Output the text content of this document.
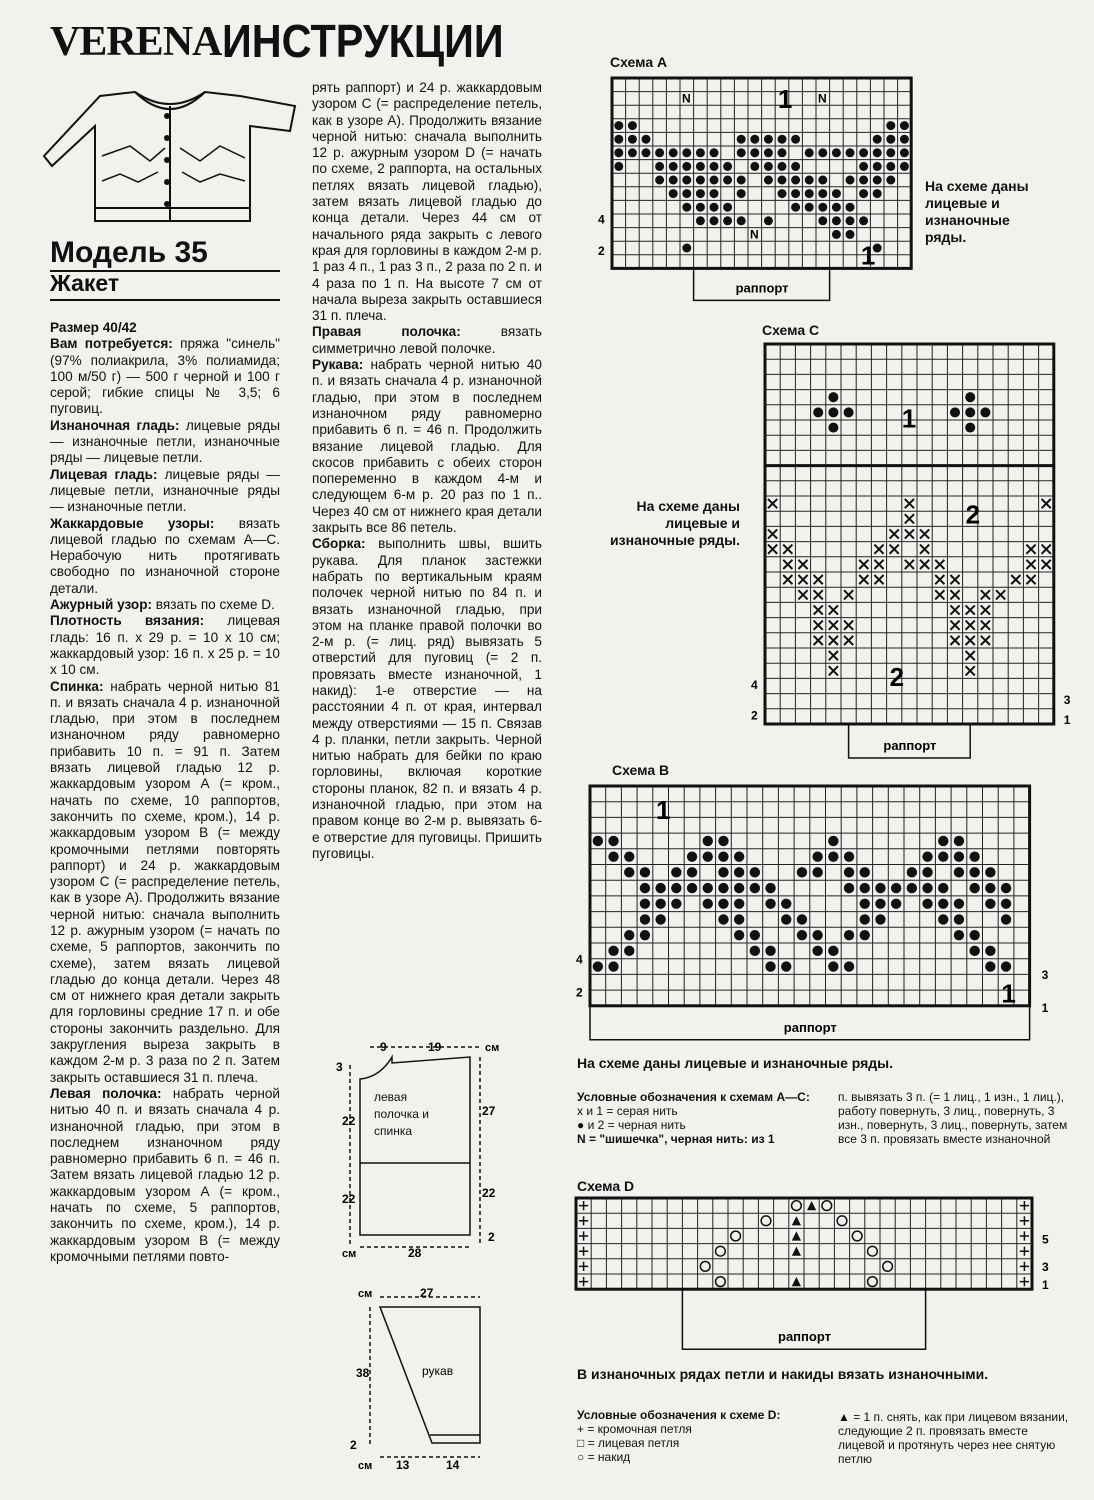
VERENA ИНСТРУКЦИИ
Модель 35
Жакет

Размер 40/42

Вам потребуется: пряжа "синель" (97% полиакрила, 3% полиамида; 100 м/50 г) — 500 г черной и 100 г серой; гибкие спицы № 3,5; 6 пуговиц.

Изнаночная гладь: лицевые ряды — изнаночные петли, изнаночные ряды — лицевые петли.

Лицевая гладь: лицевые ряды — лицевые петли, изнаночные ряды — изнаночные петли.

Жаккардовые узоры: вязать лицевой гладью по схемам А—С. Нерабочую нить протягивать свободно по изнаночной стороне детали.

Ажурный узор: вязать по схеме D.

Плотность вязания: лицевая гладь: 16 п. х 29 р. = 10 х 10 см; жаккардовый узор: 16 п. х 25 р. = 10 х 10 см.

Спинка: набрать черной нитью 81 п. и вязать сначала 4 р. изнаночной гладью, при этом в последнем изнаночном ряду равномерно прибавить 10 п. = 91 п. Затем вязать лицевой гладью 12 р. жаккардовым узором А (= кром., начать по схеме, 10 раппортов, закончить по схеме, кром.), 14 р. жаккардовым узором В (= между кромочными петлями повторять раппорт) и 24 р. жаккардовым узором С (= распределение петель, как в узоре А). Продолжить вязание черной нитью: сначала выполнить 12 р. ажурным узором (= начать по схеме, 5 раппортов, закончить по схеме), затем вязать лицевой гладью до конца детали. Через 48 см от нижнего края детали закрыть для горловины средние 17 п. и обе стороны закончить раздельно. Для закругления выреза закрыть в каждом 2-м р. 3 раза по 2 п. Затем закрыть оставшиеся 31 п. плеча.

Левая полочка: набрать черной нитью 40 п. и вязать сначала 4 р. изнаночной гладью, при этом в последнем изнаночном ряду равномерно прибавить 6 п. = 46 п. Затем вязать лицевой гладью 12 р. жаккардовым узором А (= кром., начать по схеме, 5 раппортов, закончить по схеме, кром.), 14 р. жаккардовым узором В (= между кромочными петлями повто-

рять раппорт) и 24 р. жаккардовым узором С (= распределение петель, как в узоре А). Продолжить вязание черной нитью: сначала выполнить 12 р. ажурным узором D (= начать по схеме, 2 раппорта, на остальных петлях вязать лицевой гладью), затем вязать лицевой гладью до конца детали. Через 44 см от начального ряда закрыть с левого края для горловины в каждом 2-м р. 1 раз 4 п., 1 раз 3 п., 2 раза по 2 п. и 4 раза по 1 п. На высоте 7 см от начала выреза закрыть оставшиеся 31 п. плеча.

Правая полочка: вязать симметрично левой полочке.

Рукава: набрать черной нитью 40 п. и вязать сначала 4 р. изнаночной гладью, при этом в последнем изнаночном ряду равномерно прибавить 6 п. = 46 п. Продолжить вязание лицевой гладью. Для скосов прибавить с обеих сторон попеременно в каждом 4-м и следующем 6-м р. 20 раз по 1 п.. Через 40 см от нижнего края детали закрыть все 86 петель.

Сборка: выполнить швы, вшить рукава. Для планок застежки набрать по вертикальным краям полочек черной нитью по 84 п. и вязать изнаночной гладью, при этом на планке правой полочки во 2-м р. (= лиц. ряд) вывязать 5 отверстий для пуговиц (= 2 п. провязать вместе изнаночной, 1 накид): 1-е отверстие — на расстоянии 4 п. от края, интервал между отверстиями — 15 п. Связав 4 р. планки, петли закрыть. Черной нитью набрать для бейки по краю горловины, включая короткие стороны планок, 82 п. и вязать 4 р. изнаночной гладью, при этом на правом конце во 2-м р. вывязать 6-е отверстие для пуговицы. Пришить пуговицы.

Схема А
N	N
N
1
1
4
2
раппорт
На схеме даны лицевые и изнаночные ряды.
Схема С
1
2
2
4
2
3
1
раппорт
На схеме даны лицевые и изнаночные ряды.
Схема В
1
1
4
2
3
1
раппорт
На схеме даны лицевые и изнаночные ряды.
Условные обозначения к схемам А—С:
х и 1 = серая нить
● и 2 = черная нить
N = "шишечка", черная нить: из 1
п. вывязать 3 п. (= 1 лиц., 1 изн., 1 лиц.), работу повернуть, 3 лиц., повернуть, 3 изн., повернуть, 3 лиц., повернуть, затем все 3 п. провязать вместе изнаночной
Схема D
5
3
1
раппорт
В изнаночных рядах петли и накиды вязать изнаночными.
Условные обозначения к схеме D:
+ = кромочная петля
□ = лицевая петля
○ = накид
▲ = 1 п. снять, как при лицевом вязании, следующие 2 п. провязать вместе лицевой и протянуть через нее снятую петлю
9	19	см
3
22
22
27
22
2
28
см
левая полочка и спинка
27
см
38
2
рукав
13	14
см
